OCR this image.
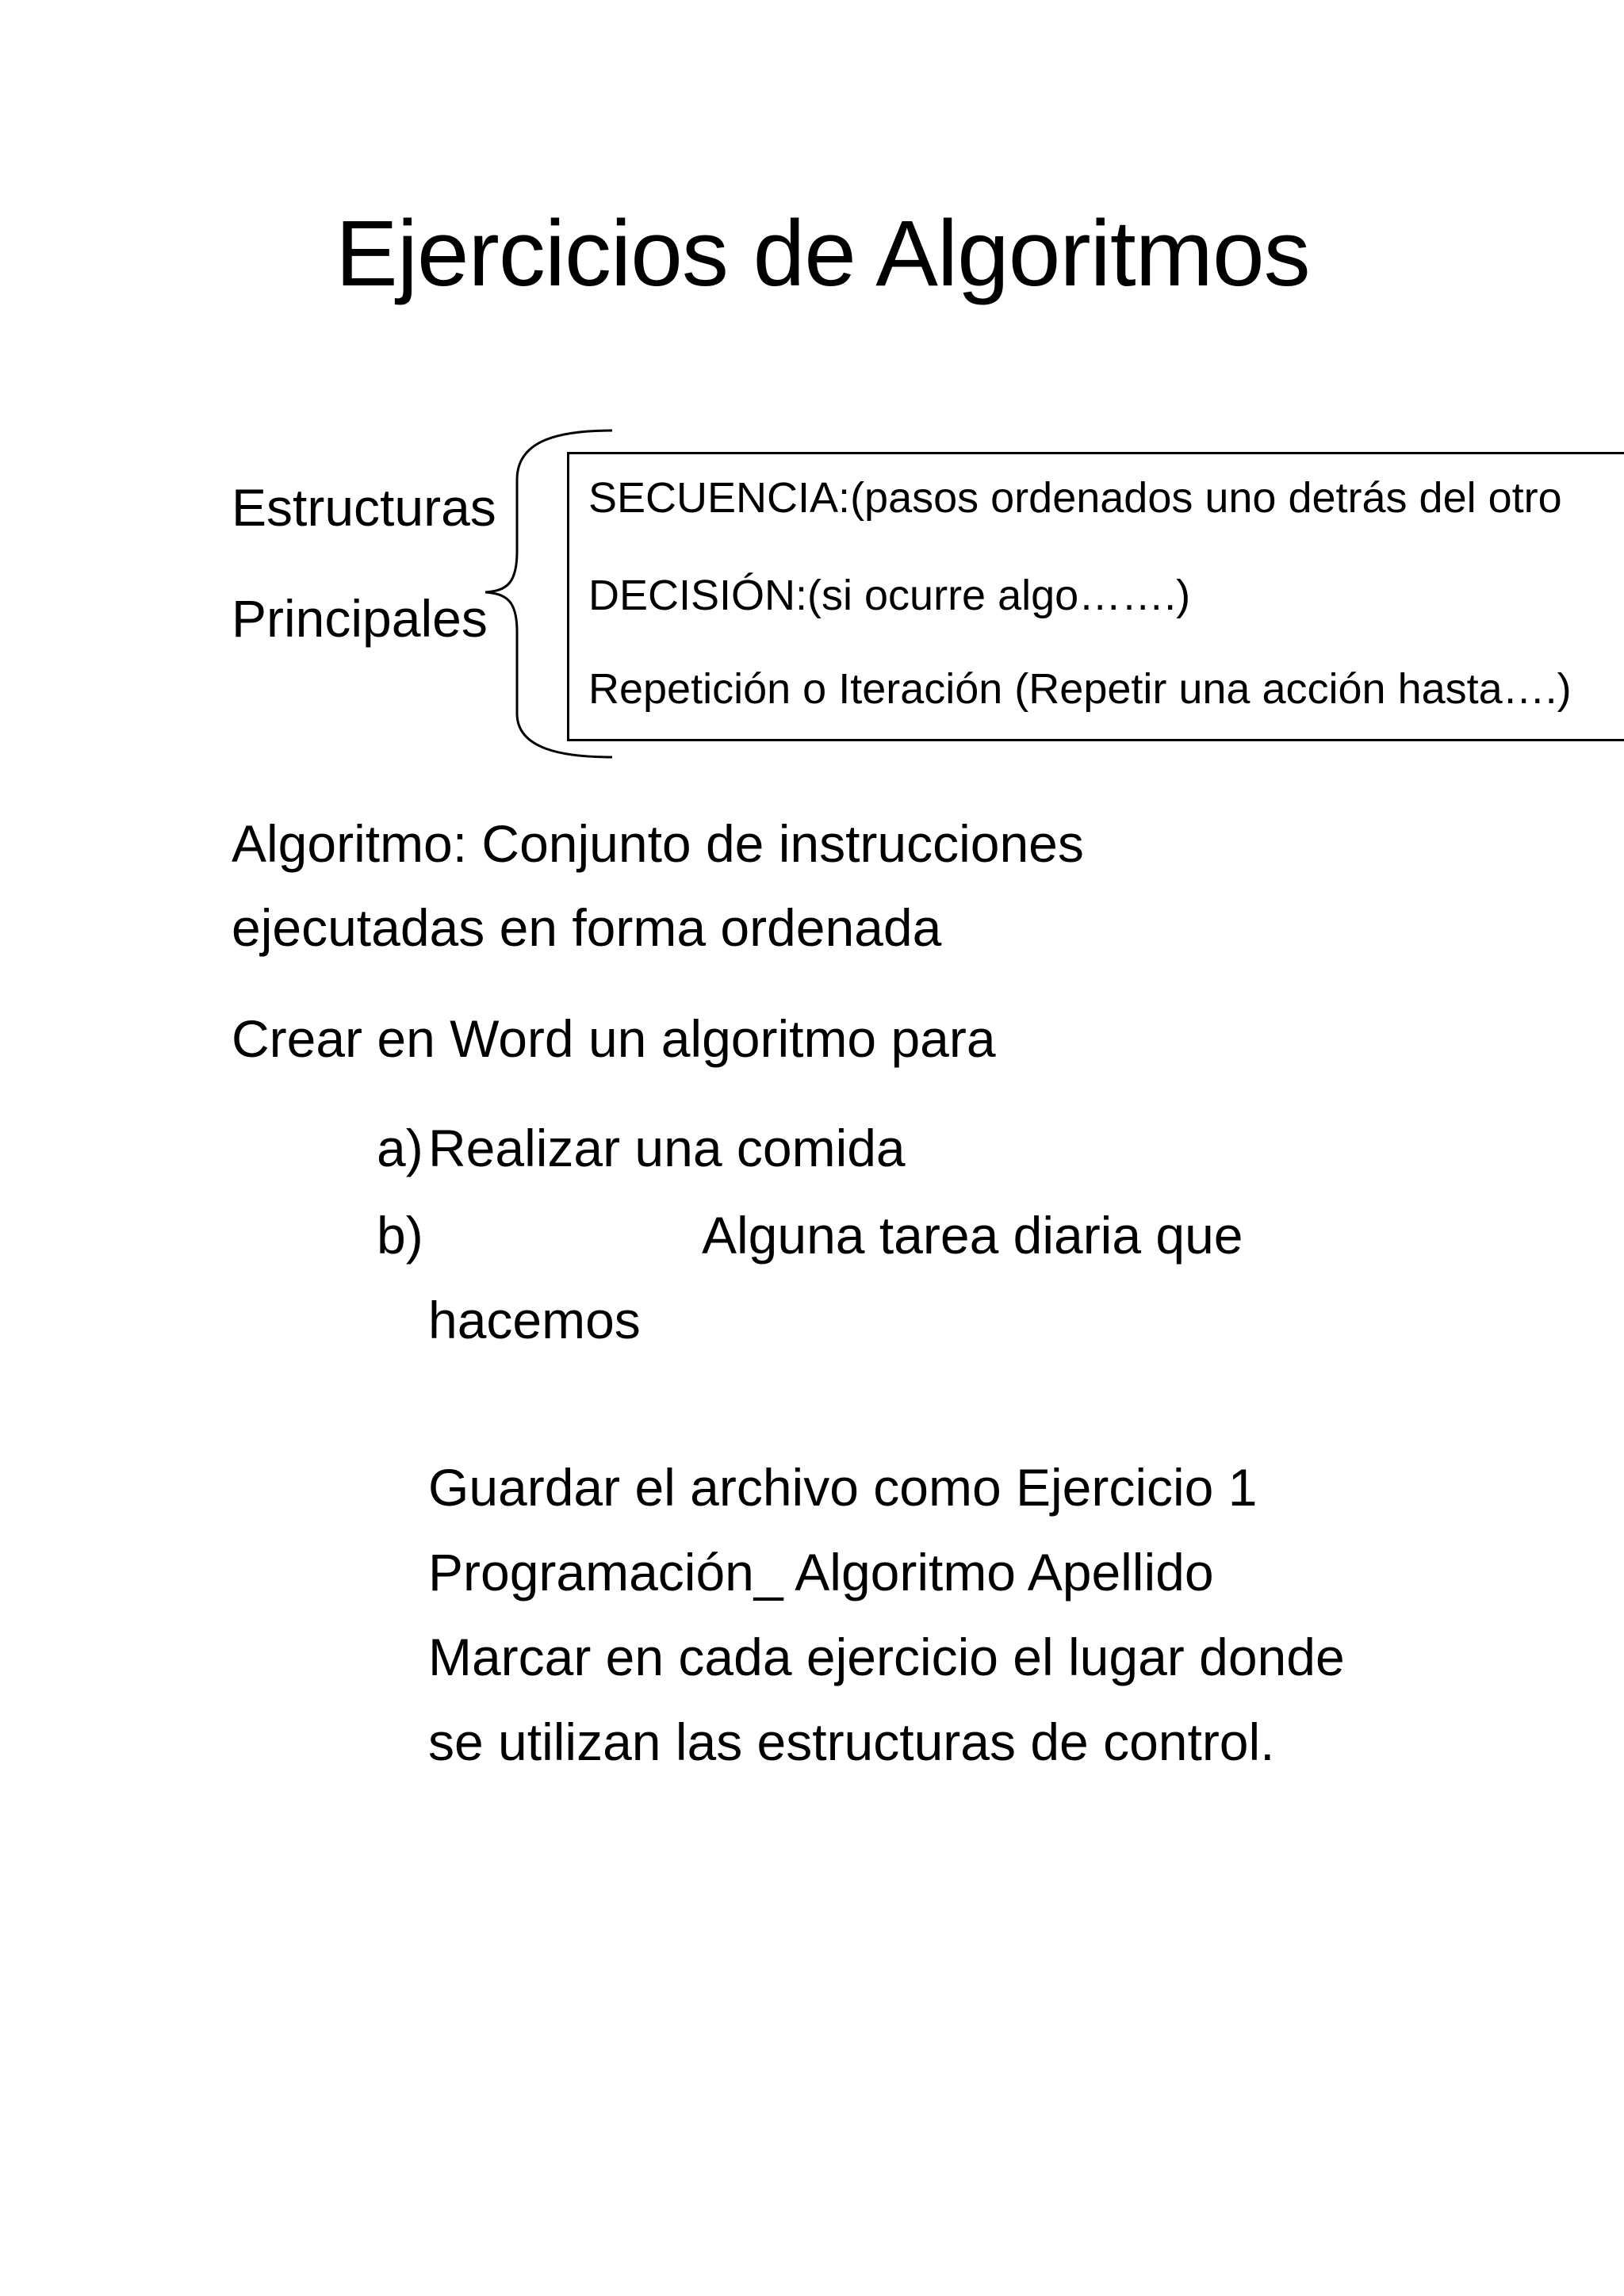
Ejercicios de Algoritmos
Estructuras
Principales
SECUENCIA:(pasos ordenados uno detrás del otro
DECISIÓN:(si ocurre algo…….)
Repetición o Iteración (Repetir una acción hasta….)
Algoritmo: Conjunto de instrucciones
ejecutadas en forma ordenada
Crear en Word un algoritmo para
a) Realizar una comida
b)	Alguna tarea diaria que
hacemos
Guardar el archivo como Ejercicio 1
Programación_ Algoritmo Apellido
Marcar en cada ejercicio el lugar donde
se utilizan las estructuras de control.
